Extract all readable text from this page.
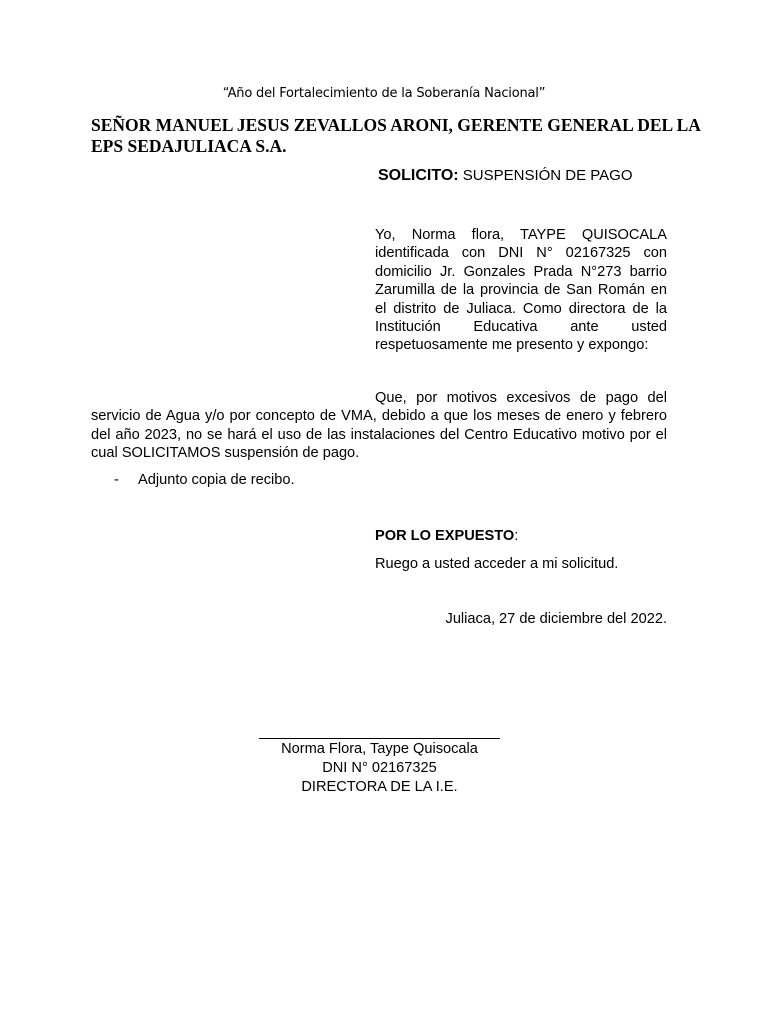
“Año del Fortalecimiento de la Soberanía Nacional”
SEÑOR MANUEL JESUS ZEVALLOS ARONI, GERENTE GENERAL DEL LA EPS SEDAJULIACA S.A.
SOLICITO: SUSPENSIÓN DE PAGO
Yo, Norma flora, TAYPE QUISOCALA identificada con DNI N° 02167325 con domicilio Jr. Gonzales Prada N°273 barrio Zarumilla de la provincia de San Román en el distrito de Juliaca. Como directora de la Institución Educativa ante usted respetuosamente me presento y expongo:
Que, por motivos excesivos de pago del servicio de Agua y/o por concepto de VMA, debido a que los meses de enero y febrero del año 2023, no se hará el uso de las instalaciones del Centro Educativo motivo por el cual SOLICITAMOS suspensión de pago.
- Adjunto copia de recibo.
POR LO EXPUESTO:
Ruego a usted acceder a mi solicitud.
Juliaca, 27 de diciembre del 2022.
Norma Flora, Taype Quisocala
DNI N° 02167325
DIRECTORA DE LA I.E.
